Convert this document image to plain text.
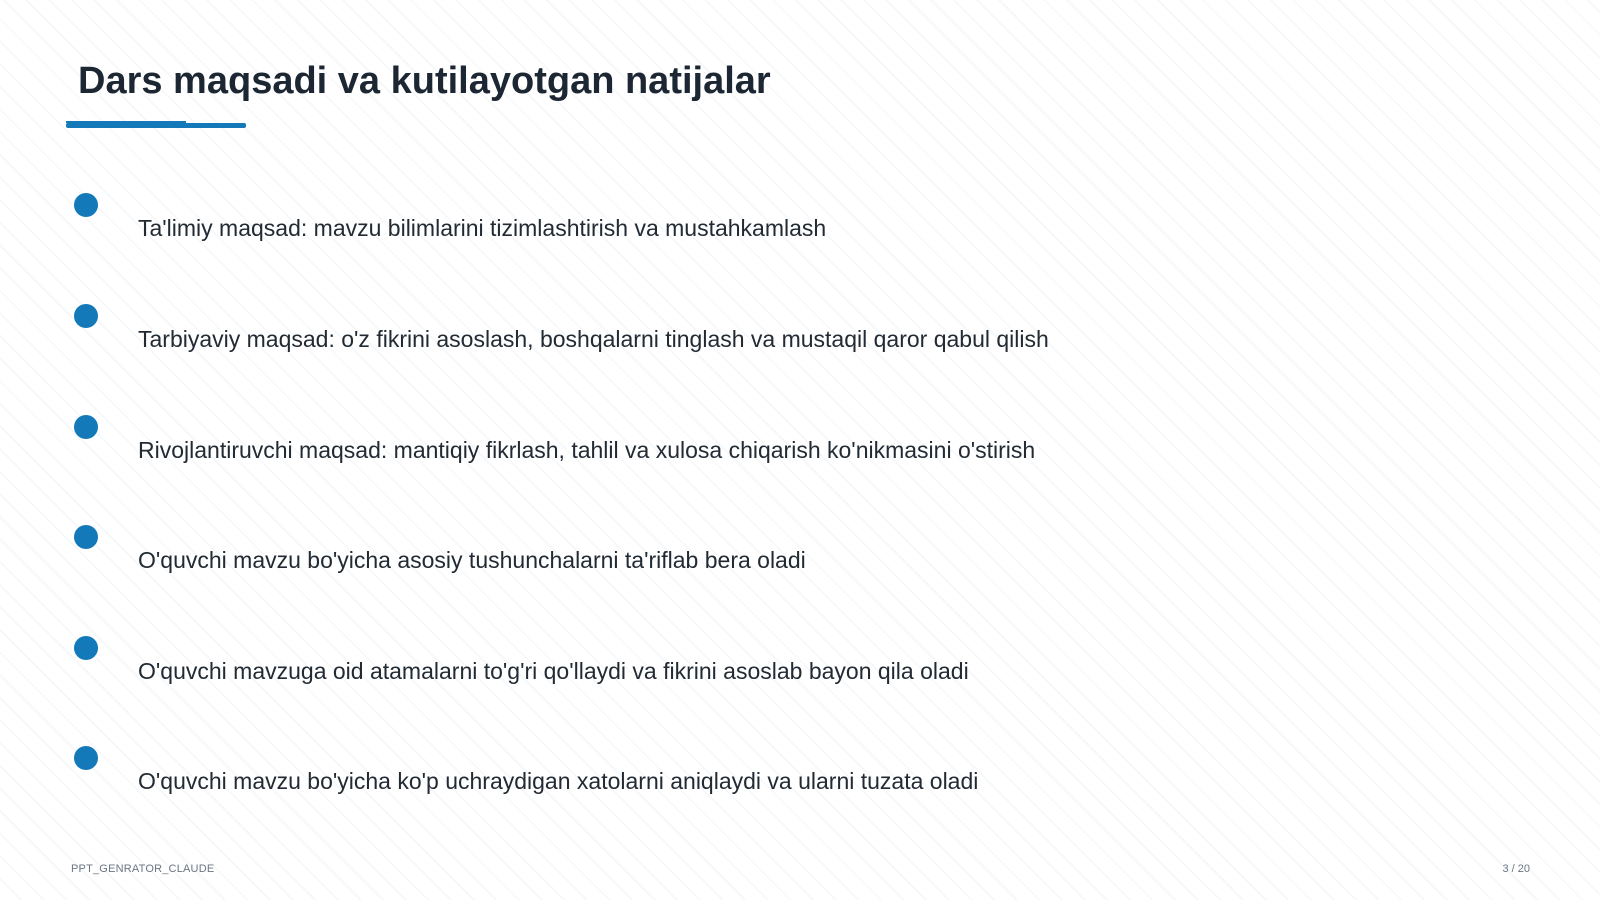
Dars maqsadi va kutilayotgan natijalar
Ta'limiy maqsad: mavzu bilimlarini tizimlashtirish va mustahkamlash
Tarbiyaviy maqsad: o'z fikrini asoslash, boshqalarni tinglash va mustaqil qaror qabul qilish
Rivojlantiruvchi maqsad: mantiqiy fikrlash, tahlil va xulosa chiqarish ko'nikmasini o'stirish
O'quvchi mavzu bo'yicha asosiy tushunchalarni ta'riflab bera oladi
O'quvchi mavzuga oid atamalarni to'g'ri qo'llaydi va fikrini asoslab bayon qila oladi
O'quvchi mavzu bo'yicha ko'p uchraydigan xatolarni aniqlaydi va ularni tuzata oladi
PPT_GENRATOR_CLAUDE	3 / 20
